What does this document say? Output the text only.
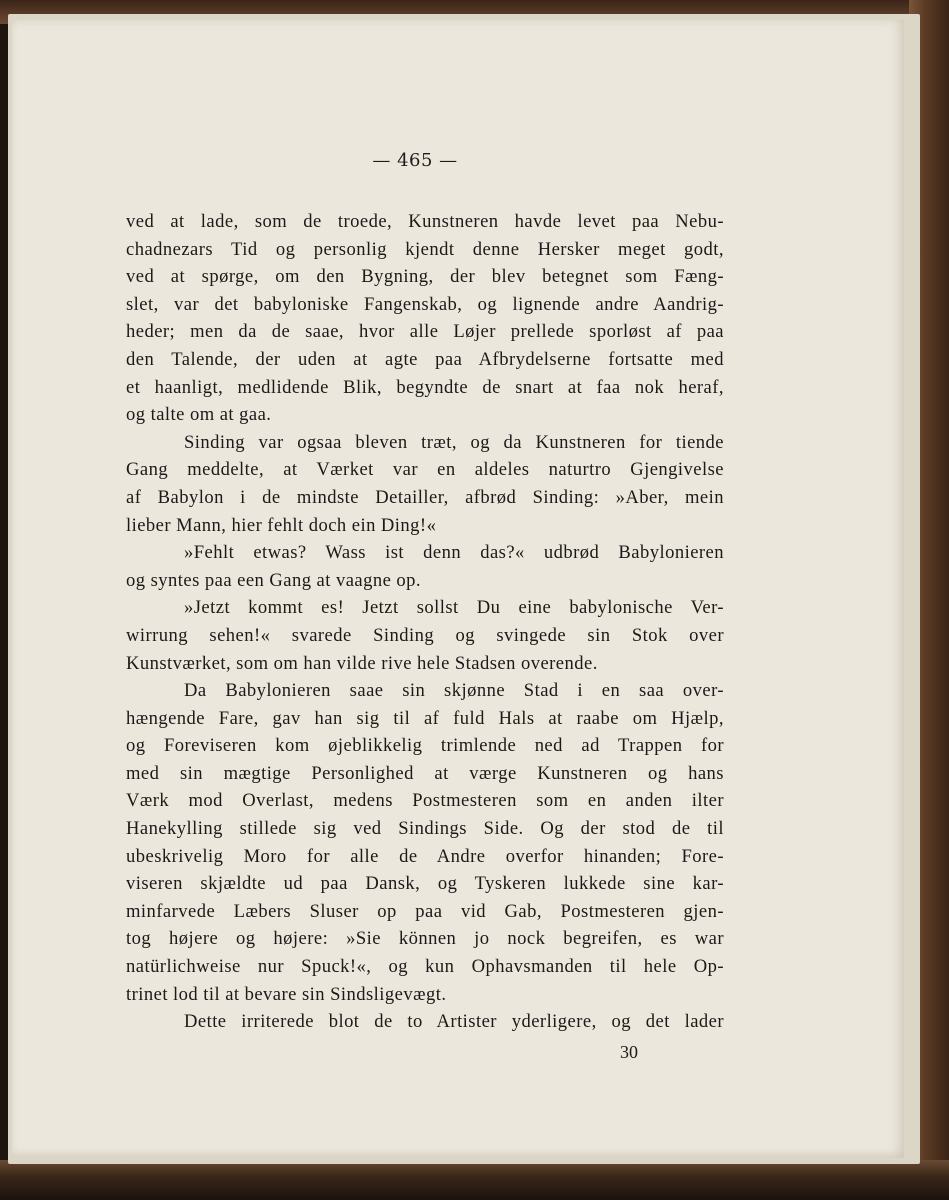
— 465 —
ved at lade, som de troede, Kunstneren havde levet paa Nebu-
chadnezars Tid og personlig kjendt denne Hersker meget godt,
ved at spørge, om den Bygning, der blev betegnet som Fæng-
slet, var det babyloniske Fangenskab, og lignende andre Aandrig-
heder; men da de saae, hvor alle Løjer prellede sporløst af paa
den Talende, der uden at agte paa Afbrydelserne fortsatte med
et haanligt, medlidende Blik, begyndte de snart at faa nok heraf,
og talte om at gaa.
Sinding var ogsaa bleven træt, og da Kunstneren for tiende
Gang meddelte, at Værket var en aldeles naturtro Gjengivelse
af Babylon i de mindste Detailler, afbrød Sinding: »Aber, mein
lieber Mann, hier fehlt doch ein Ding!«
»Fehlt etwas? Wass ist denn das?« udbrød Babylonieren
og syntes paa een Gang at vaagne op.
»Jetzt kommt es! Jetzt sollst Du eine babylonische Ver-
wirrung sehen!« svarede Sinding og svingede sin Stok over
Kunstværket, som om han vilde rive hele Stadsen overende.
Da Babylonieren saae sin skjønne Stad i en saa over-
hængende Fare, gav han sig til af fuld Hals at raabe om Hjælp,
og Foreviseren kom øjeblikkelig trimlende ned ad Trappen for
med sin mægtige Personlighed at værge Kunstneren og hans
Værk mod Overlast, medens Postmesteren som en anden ilter
Hanekylling stillede sig ved Sindings Side. Og der stod de til
ubeskrivelig Moro for alle de Andre overfor hinanden; Fore-
viseren skjældte ud paa Dansk, og Tyskeren lukkede sine kar-
minfarvede Læbers Sluser op paa vid Gab, Postmesteren gjen-
tog højere og højere: »Sie können jo nock begreifen, es war
natürlichweise nur Spuck!«, og kun Ophavsmanden til hele Op-
trinet lod til at bevare sin Sindsligevægt.
Dette irriterede blot de to Artister yderligere, og det lader
30
